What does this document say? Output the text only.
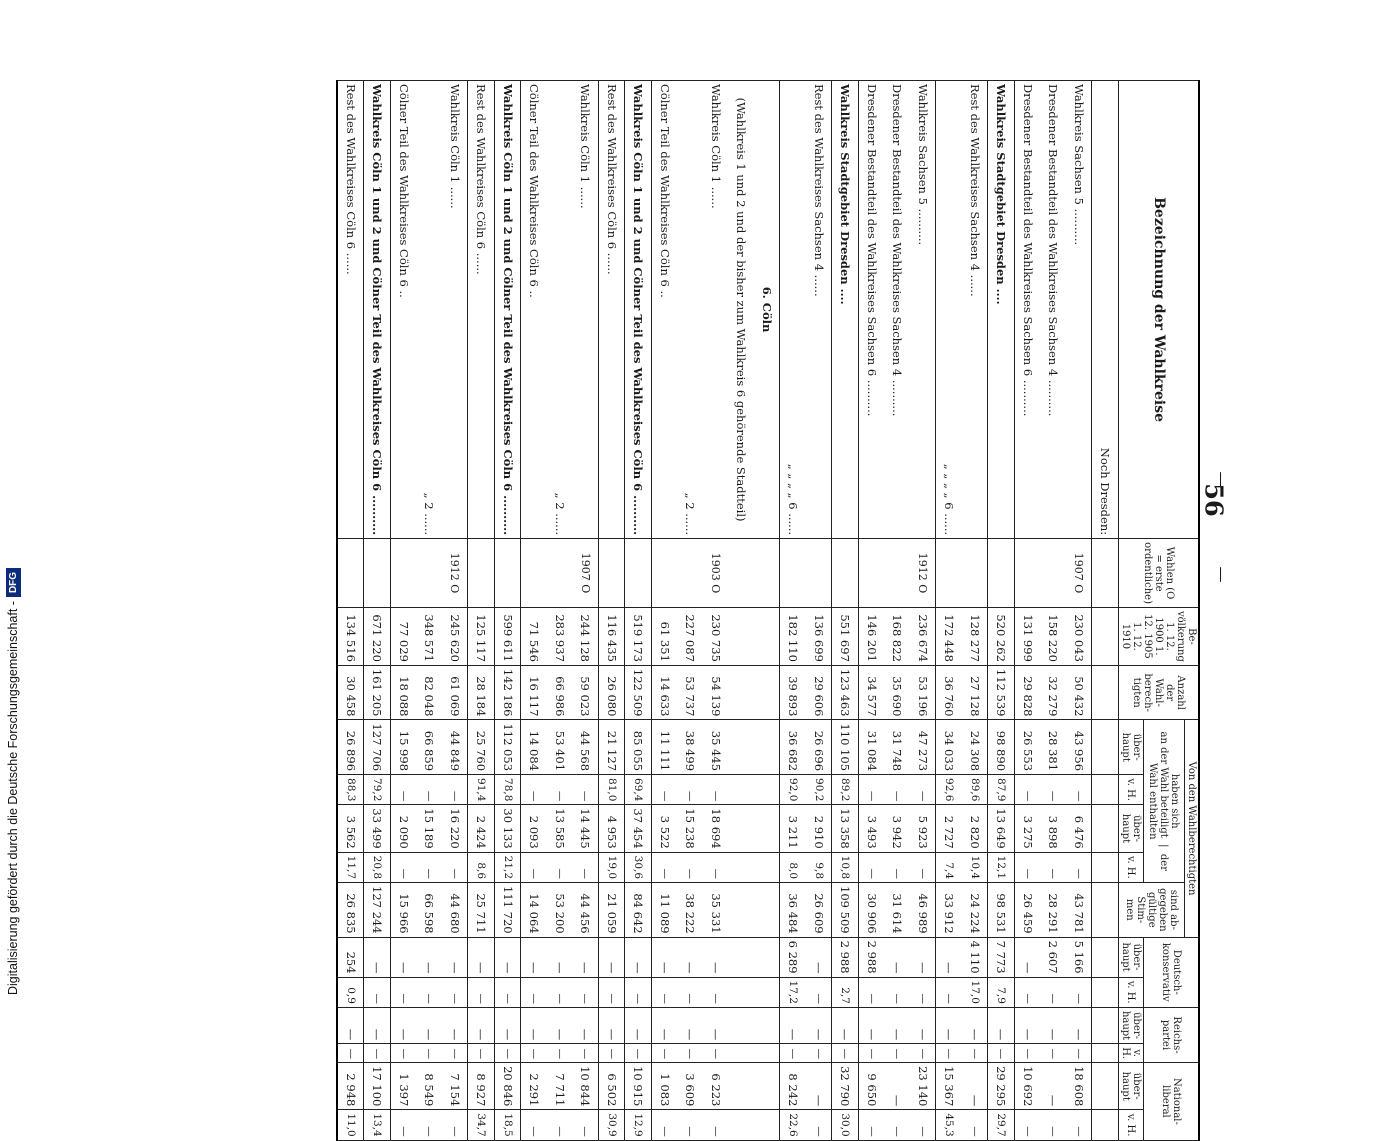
56
—
—
Digitalisierung gefördert durch die Deutsche Forschungsgemeinschaft -DFG
Bezeichnung der Wahlkreise	Wahlen (O = erste ordentliche)	Be- völkerung 1. 12. 1900 1. 12. 1905 1. 12. 1910	Anzahl der Wahl- berech- tigten	Von den Wahlberechtigten					Deutsch- konservativ		Reichs- partei		National- liberal	
				haben sich
an der Wahl beteiligt  |  der Wahl enthalten				sind ab- gegeben gültige Stim- men						
				über- haupt	v. H.	über- haupt	v. H.		über- haupt	v. H.	über- haupt	v. H.	über- haupt	v. H.
Noch Dresden:														
Wahlkreis Sachsen 5 ..........	1907 O	230 043	50 432	43 956	—	6 476	—	43 781	5 166	—	—	—	18 608	—
Dresdener Bestandteil des Wahlkreises Sachsen 4 ..........		158 220	32 279	28 381	—	3 898	—	28 291	2 607	—	—	—	—	—
Dresdener Bestandteil des Wahlkreises Sachsen 6 ..........		131 999	29 828	26 553	—	3 275	—	26 459	—	—	—	—	10 692	—
Wahlkreis Stadtgebiet Dresden ....		520 262	112 539	98 890	87,9	13 649	12,1	98 531	7 773	7,9	—	—	29 295	29,7
Rest des Wahlkreises Sachsen 4 ......		128 277	27 128	24 308	89,6	2 820	10,4	24 224	4 110	17,0	—	—	—	—
„ „ „ „ 6 ......		172 448	36 760	34 033	92,6	2 727	7,4	33 912	—	—	—	—	15 367	45,3
Wahlkreis Sachsen 5 ..........	1912 O	236 674	53 196	47 273	—	5 923	—	46 989	—	—	—	—	23 140	—
Dresdener Bestandteil des Wahlkreises Sachsen 4 ..........		168 822	35 690	31 748	—	3 942	—	31 614	—	—	—	—	—	—
Dresdener Bestandteil des Wahlkreises Sachsen 6 ..........		146 201	34 577	31 084	—	3 493	—	30 906	2 988	—	—	—	9 650	—
Wahlkreis Stadtgebiet Dresden ....		551 697	123 463	110 105	89,2	13 358	10,8	109 509	2 988	2,7	—	—	32 790	30,0
Rest des Wahlkreises Sachsen 4 ......		136 699	29 606	26 696	90,2	2 910	9,8	26 609	—	—	—	—	—	—
„ „ „ „ 6 ......		182 110	39 893	36 682	92,0	3 211	8,0	36 484	6 289	17,2	—	—	8 242	22,6
6. Cöln														
(Wahlkreis 1 und 2 und der bisher zum Wahlkreis 6 gehörende Stadtteil)														
Wahlkreis Cöln 1 ......	1903 O	230 735	54 139	35 445	—	18 694	—	35 331	—	—	—	—	6 223	—
„ 2 ......		227 087	53 737	38 499	—	15 238	—	38 222	—	—	—	—	3 609	—
Cölner Teil des Wahlkreises Cöln 6 ..		61 351	14 633	11 111	—	3 522	—	11 089	—	—	—	—	1 083	—
Wahlkreis Cöln 1 und 2 und Cölner Teil des Wahlkreises Cöln 6 ..........		519 173	122 509	85 055	69,4	37 454	30,6	84 642	—	—	—	—	10 915	12,9
Rest des Wahlkreises Cöln 6 ......		116 435	26 080	21 127	81,0	4 953	19,0	21 059	—	—	—	—	6 502	30,9
Wahlkreis Cöln 1 ......	1907 O	244 128	59 023	44 568	—	14 445	—	44 456	—	—	—	—	10 844	—
„ 2 ......		283 937	66 986	53 401	—	13 585	—	53 200	—	—	—	—	7 711	—
Cölner Teil des Wahlkreises Cöln 6 ..		71 546	16 117	14 084	—	2 093	—	14 064	—	—	—	—	2 291	—
Wahlkreis Cöln 1 und 2 und Cölner Teil des Wahlkreises Cöln 6 ..........		599 611	142 186	112 053	78,8	30 133	21,2	111 720	—	—	—	—	20 846	18,5
Rest des Wahlkreises Cöln 6 ......		125 117	28 184	25 760	91,4	2 424	8,6	25 711	—	—	—	—	8 927	34,7
Wahlkreis Cöln 1 ......	1912 O	245 620	61 069	44 849	—	16 220	—	44 680	—	—	—	—	7 154	—
„ 2 ......		348 571	82 048	66 859	—	15 189	—	66 598	—	—	—	—	8 549	—
Cölner Teil des Wahlkreises Cöln 6 ..		77 029	18 088	15 998	—	2 090	—	15 966	—	—	—	—	1 397	—
Wahlkreis Cöln 1 und 2 und Cölner Teil des Wahlkreises Cöln 6 ..........		671 220	161 205	127 706	79,2	33 499	20,8	127 244	—	—	—	—	17 100	13,4
Rest des Wahlkreises Cöln 6 ......		134 516	30 458	26 896	88,3	3 562	11,7	26 835	254	0,9	—	—	2 948	11,0
